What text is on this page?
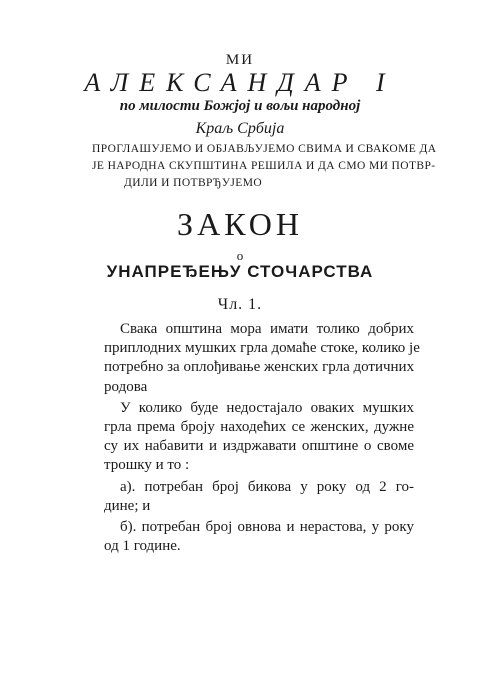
МИ
АЛЕКСАНДАР I
по милости Божјој и вољи народној
Краљ Србија
ПРОГЛАШУЈЕМО И ОБЈАВЉУЈЕМО СВИМА И СВАКОМЕ ДА
ЈЕ НАРОДНА СКУПШТИНА РЕШИЛА И ДА СМО МИ ПОТВР-
ДИЛИ И ПОТВРЂУЈЕМО
ЗАКОН
о
УНАПРЕЂЕЊУ СТОЧАРСТВА
Чл. 1.
Свака општина мора имати толико добрих
приплодних мушких грла домаће стоке, колико је
потребно за оплођивање женских грла дотичних
родова
У колико буде недостајало оваких мушких
грла према броју находећих се женских, дужне
су их набавити и издржавати општине о своме
трошку и то :
а). потребан број бикова у року од 2 го-
дине; и
б). потребан број овнова и нерастова, у року
од 1 године.
